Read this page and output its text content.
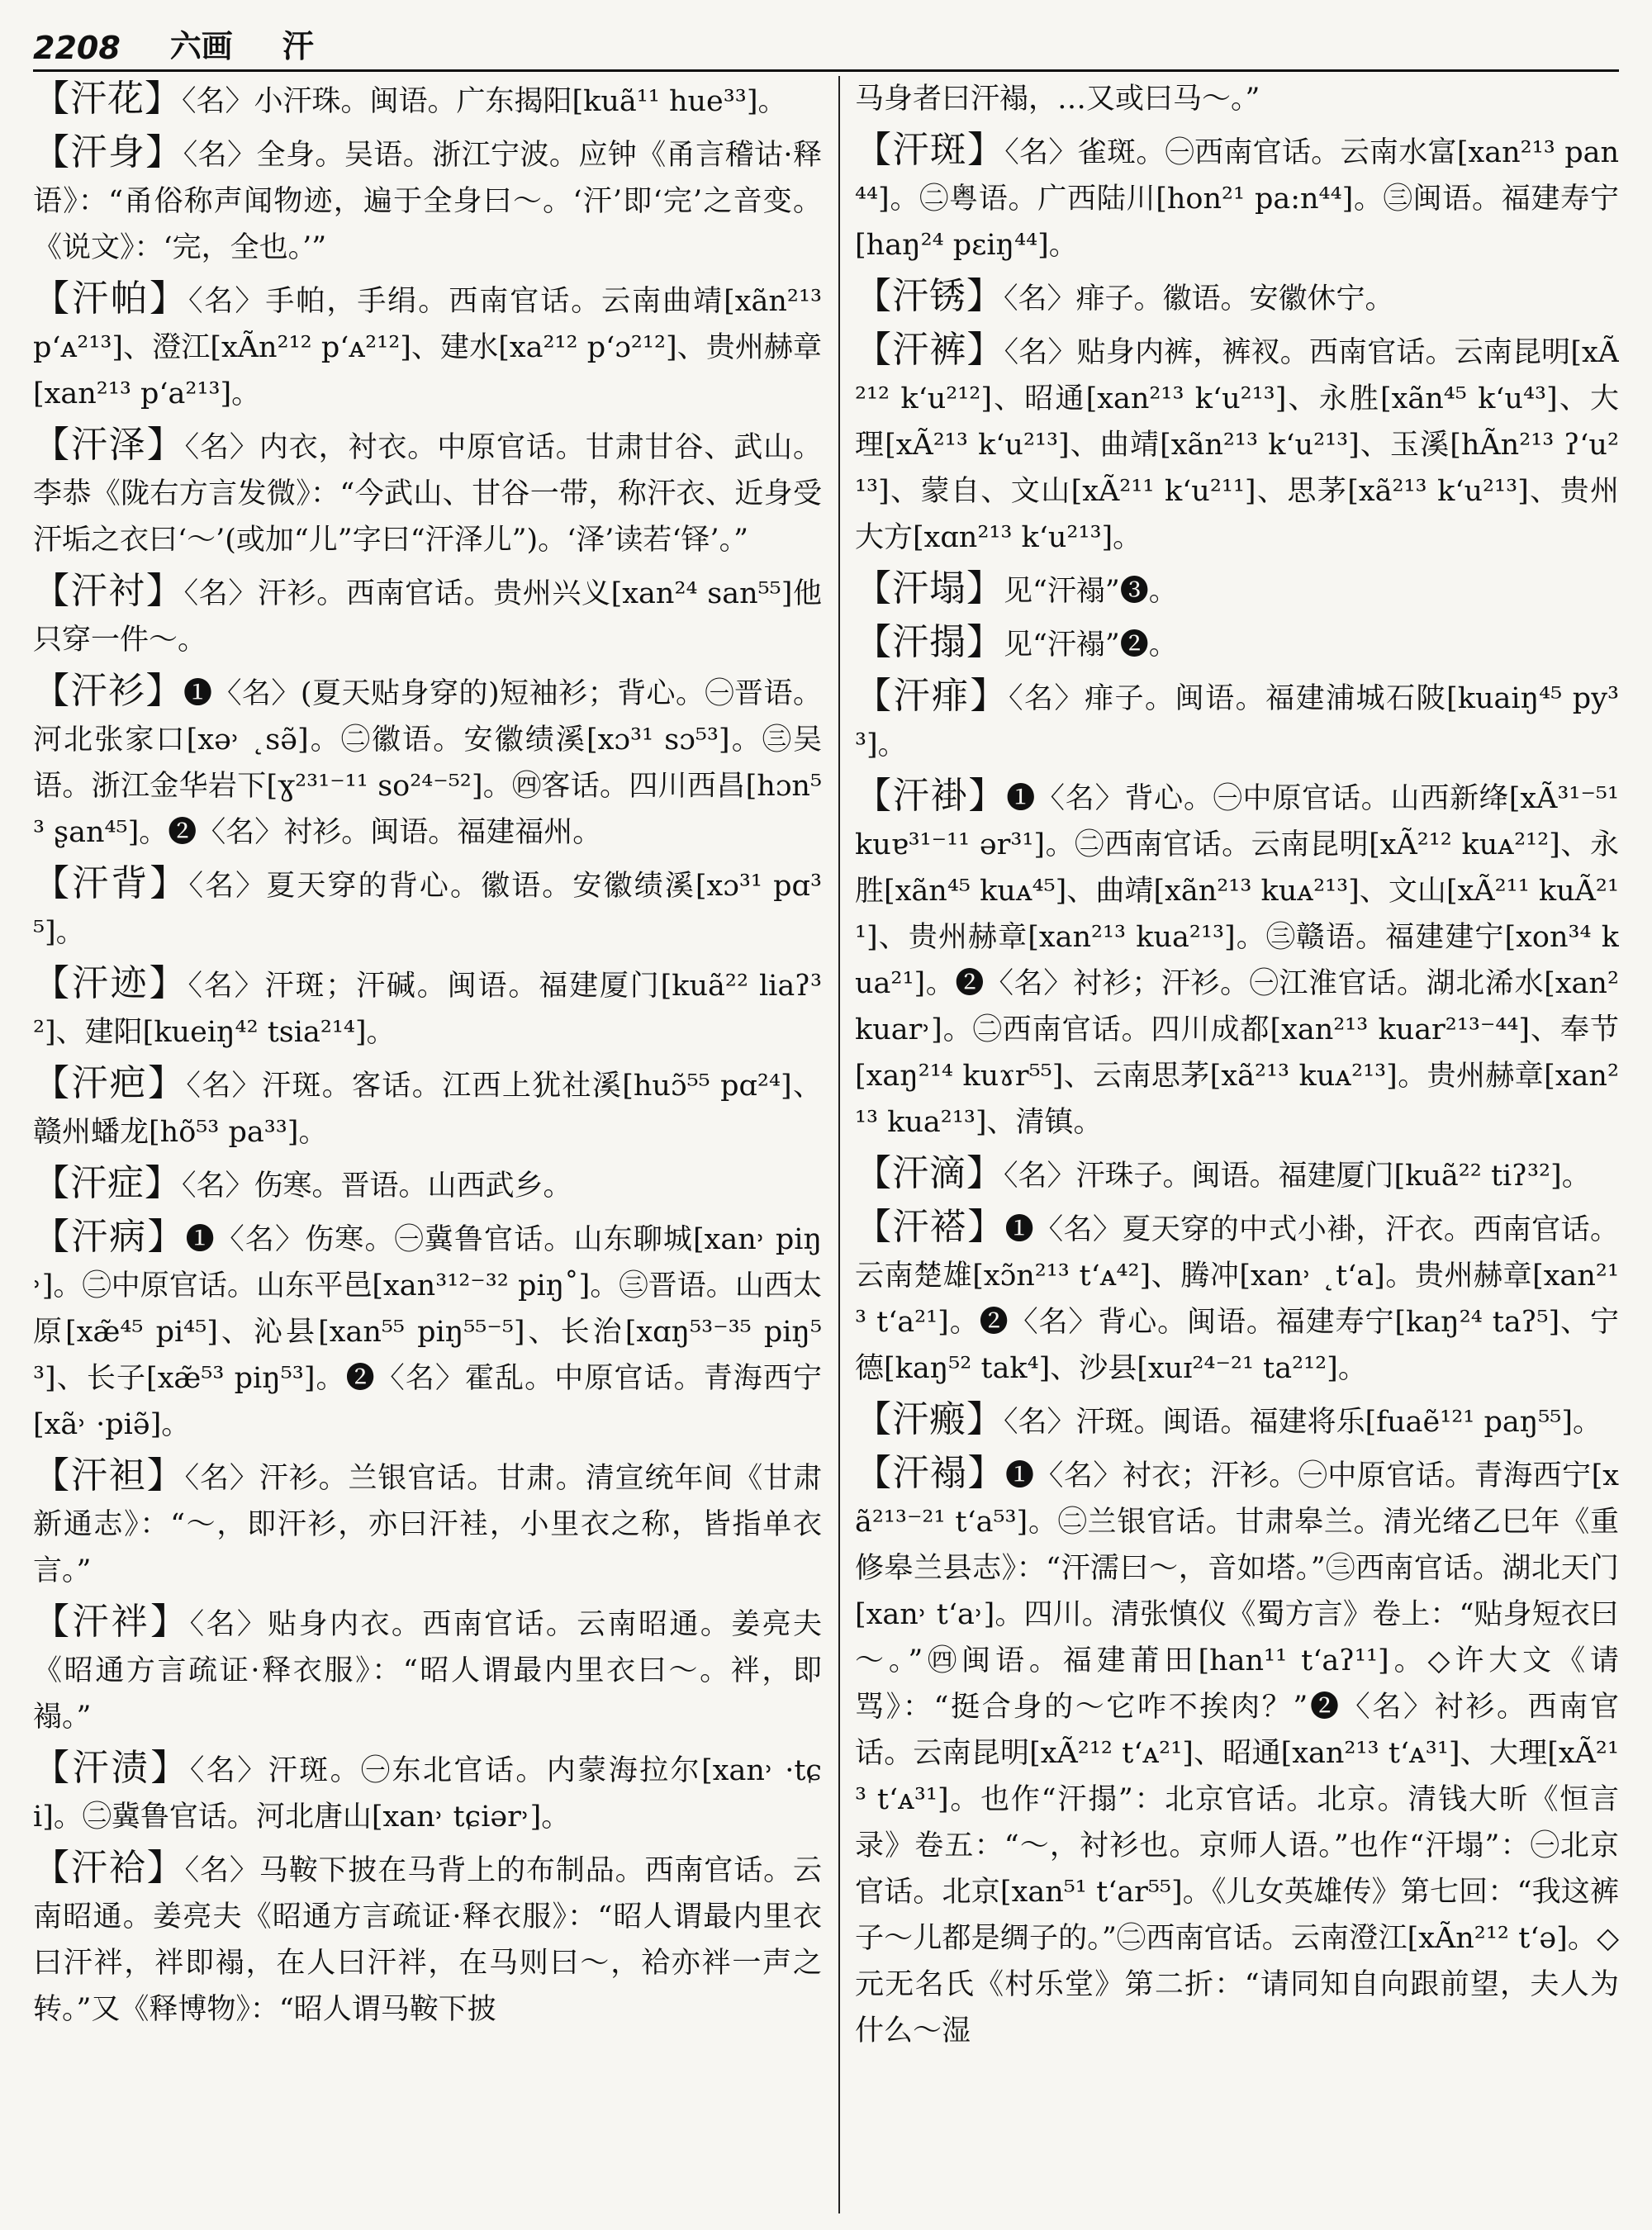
2208 六画 汗
【汗花】〈名〉小汗珠。闽语。广东揭阳[kuã¹¹ hue³³]。
【汗身】〈名〉全身。吴语。浙江宁波。应钟《甬言稽诂·释语》：“甬俗称声闻物迹，遍于全身曰～。‘汗’即‘完’之音变。《说文》：‘完，全也。’”
【汗帕】〈名〉手帕，手绢。西南官话。云南曲靖[xãn²¹³ p‘ᴀ²¹³]、澄江[xÃn²¹² p‘ᴀ²¹²]、建水[xa²¹² p‘ɔ²¹²]、贵州赫章[xan²¹³ p‘a²¹³]。
【汗泽】〈名〉内衣，衬衣。中原官话。甘肃甘谷、武山。李恭《陇右方言发微》：“今武山、甘谷一带，称汗衣、近身受汗垢之衣曰‘～’(或加“儿”字曰“汗泽儿”)。‘泽’读若‘铎’。”
【汗衬】〈名〉汗衫。西南官话。贵州兴义[xan²⁴ san⁵⁵]他只穿一件～。
【汗衫】❶〈名〉(夏天贴身穿的)短袖衫；背心。㊀晋语。河北张家口[xə˒ ˛sə̃]。㊁徽语。安徽绩溪[xɔ³¹ sɔ⁵³]。㊂吴语。浙江金华岩下[ɣ²³¹⁻¹¹ so²⁴⁻⁵²]。㊃客话。四川西昌[hɔn⁵³ ʂan⁴⁵]。❷〈名〉衬衫。闽语。福建福州。
【汗背】〈名〉夏天穿的背心。徽语。安徽绩溪[xɔ³¹ pɑ³⁵]。
【汗迹】〈名〉汗斑；汗碱。闽语。福建厦门[kuã²² liaʔ³²]、建阳[kueiŋ⁴² tsia²¹⁴]。
【汗疤】〈名〉汗斑。客话。江西上犹社溪[huɔ̃⁵⁵ pɑ²⁴]、赣州蟠龙[hõ⁵³ pa³³]。
【汗症】〈名〉伤寒。晋语。山西武乡。
【汗病】❶〈名〉伤寒。㊀冀鲁官话。山东聊城[xan˒ piŋ˒]。㊁中原官话。山东平邑[xan³¹²⁻³² piŋ˚]。㊂晋语。山西太原[xæ̃⁴⁵ pi⁴⁵]、沁县[xan⁵⁵ piŋ⁵⁵⁻⁵]、长治[xɑŋ⁵³⁻³⁵ piŋ⁵³]、长子[xæ̃⁵³ piŋ⁵³]。❷〈名〉霍乱。中原官话。青海西宁[xã˒ ·piə̃]。
【汗袒】〈名〉汗衫。兰银官话。甘肃。清宣统年间《甘肃新通志》：“～，即汗衫，亦曰汗袿，小里衣之称，皆指单衣言。”
【汗袢】〈名〉贴身内衣。西南官话。云南昭通。姜亮夫《昭通方言疏证·释衣服》：“昭人谓最内里衣曰～。袢，即褟。”
【汗渍】〈名〉汗斑。㊀东北官话。内蒙海拉尔[xan˒ ·tɕi]。㊁冀鲁官话。河北唐山[xan˒ tɕiər˒]。
【汗袷】〈名〉马鞍下披在马背上的布制品。西南官话。云南昭通。姜亮夫《昭通方言疏证·释衣服》：“昭人谓最内里衣曰汗袢，袢即褟，在人曰汗袢，在马则曰～，袷亦袢一声之转。”又《释博物》：“昭人谓马鞍下披
马身者曰汗褟，…又或曰马～。”
【汗斑】〈名〉雀斑。㊀西南官话。云南水富[xan²¹³ pan⁴⁴]。㊁粤语。广西陆川[hon²¹ pa:n⁴⁴]。㊂闽语。福建寿宁[haŋ²⁴ pɛiŋ⁴⁴]。
【汗锈】〈名〉痱子。徽语。安徽休宁。
【汗裤】〈名〉贴身内裤，裤衩。西南官话。云南昆明[xÃ²¹² k‘u²¹²]、昭通[xan²¹³ k‘u²¹³]、永胜[xãn⁴⁵ k‘u⁴³]、大理[xÃ²¹³ k‘u²¹³]、曲靖[xãn²¹³ k‘u²¹³]、玉溪[hÃn²¹³ ʔ‘u²¹³]、蒙自、文山[xÃ²¹¹ k‘u²¹¹]、思茅[xã²¹³ k‘u²¹³]、贵州大方[xɑn²¹³ k‘u²¹³]。
【汗塌】见“汗褟”❸。
【汗搨】见“汗褟”❷。
【汗痱】〈名〉痱子。闽语。福建浦城石陂[kuaiŋ⁴⁵ py³³]。
【汗褂】❶〈名〉背心。㊀中原官话。山西新绛[xÃ³¹⁻⁵¹ kuɐ³¹⁻¹¹ ər³¹]。㊁西南官话。云南昆明[xÃ²¹² kuᴀ²¹²]、永胜[xãn⁴⁵ kuᴀ⁴⁵]、曲靖[xãn²¹³ kuᴀ²¹³]、文山[xÃ²¹¹ kuÃ²¹¹]、贵州赫章[xan²¹³ kua²¹³]。㊂赣语。福建建宁[xon³⁴ kua²¹]。❷〈名〉衬衫；汗衫。㊀江淮官话。湖北浠水[xan² kuar˒]。㊁西南官话。四川成都[xan²¹³ kuar²¹³⁻⁴⁴]、奉节[xaŋ²¹⁴ kuɤr⁵⁵]、云南思茅[xã²¹³ kuᴀ²¹³]。贵州赫章[xan²¹³ kua²¹³]、清镇。
【汗滴】〈名〉汗珠子。闽语。福建厦门[kuã²² tiʔ³²]。
【汗褡】❶〈名〉夏天穿的中式小褂，汗衣。西南官话。云南楚雄[xɔ̃n²¹³ t‘ᴀ⁴²]、腾冲[xan˒ ˛t‘a]。贵州赫章[xan²¹³ t‘a²¹]。❷〈名〉背心。闽语。福建寿宁[kaŋ²⁴ taʔ⁵]、宁德[kaŋ⁵² tak⁴]、沙县[xuɪ²⁴⁻²¹ ta²¹²]。
【汗瘢】〈名〉汗斑。闽语。福建将乐[fuaẽ¹²¹ paŋ⁵⁵]。
【汗褟】❶〈名〉衬衣；汗衫。㊀中原官话。青海西宁[xã²¹³⁻²¹ t‘a⁵³]。㊁兰银官话。甘肃皋兰。清光绪乙巳年《重修皋兰县志》：“汗濡曰～，音如塔。”㊂西南官话。湖北天门[xan˒ t‘a˒]。四川。清张慎仪《蜀方言》卷上：“贴身短衣曰～。”㊃闽语。福建莆田[han¹¹ t‘aʔ¹¹]。◇许大文《请骂》：“挺合身的～它咋不挨肉？”❷〈名〉衬衫。西南官话。云南昆明[xÃ²¹² t‘ᴀ²¹]、昭通[xan²¹³ t‘ᴀ³¹]、大理[xÃ²¹³ t‘ᴀ³¹]。也作“汗搨”：北京官话。北京。清钱大昕《恒言录》卷五：“～，衬衫也。京师人语。”也作“汗塌”：㊀北京官话。北京[xan⁵¹ t‘ar⁵⁵]。《儿女英雄传》第七回：“我这裤子～儿都是绸子的。”㊁西南官话。云南澄江[xÃn²¹² t‘ə]。◇元无名氏《村乐堂》第二折：“请同知自向跟前望，夫人为什么～湿
